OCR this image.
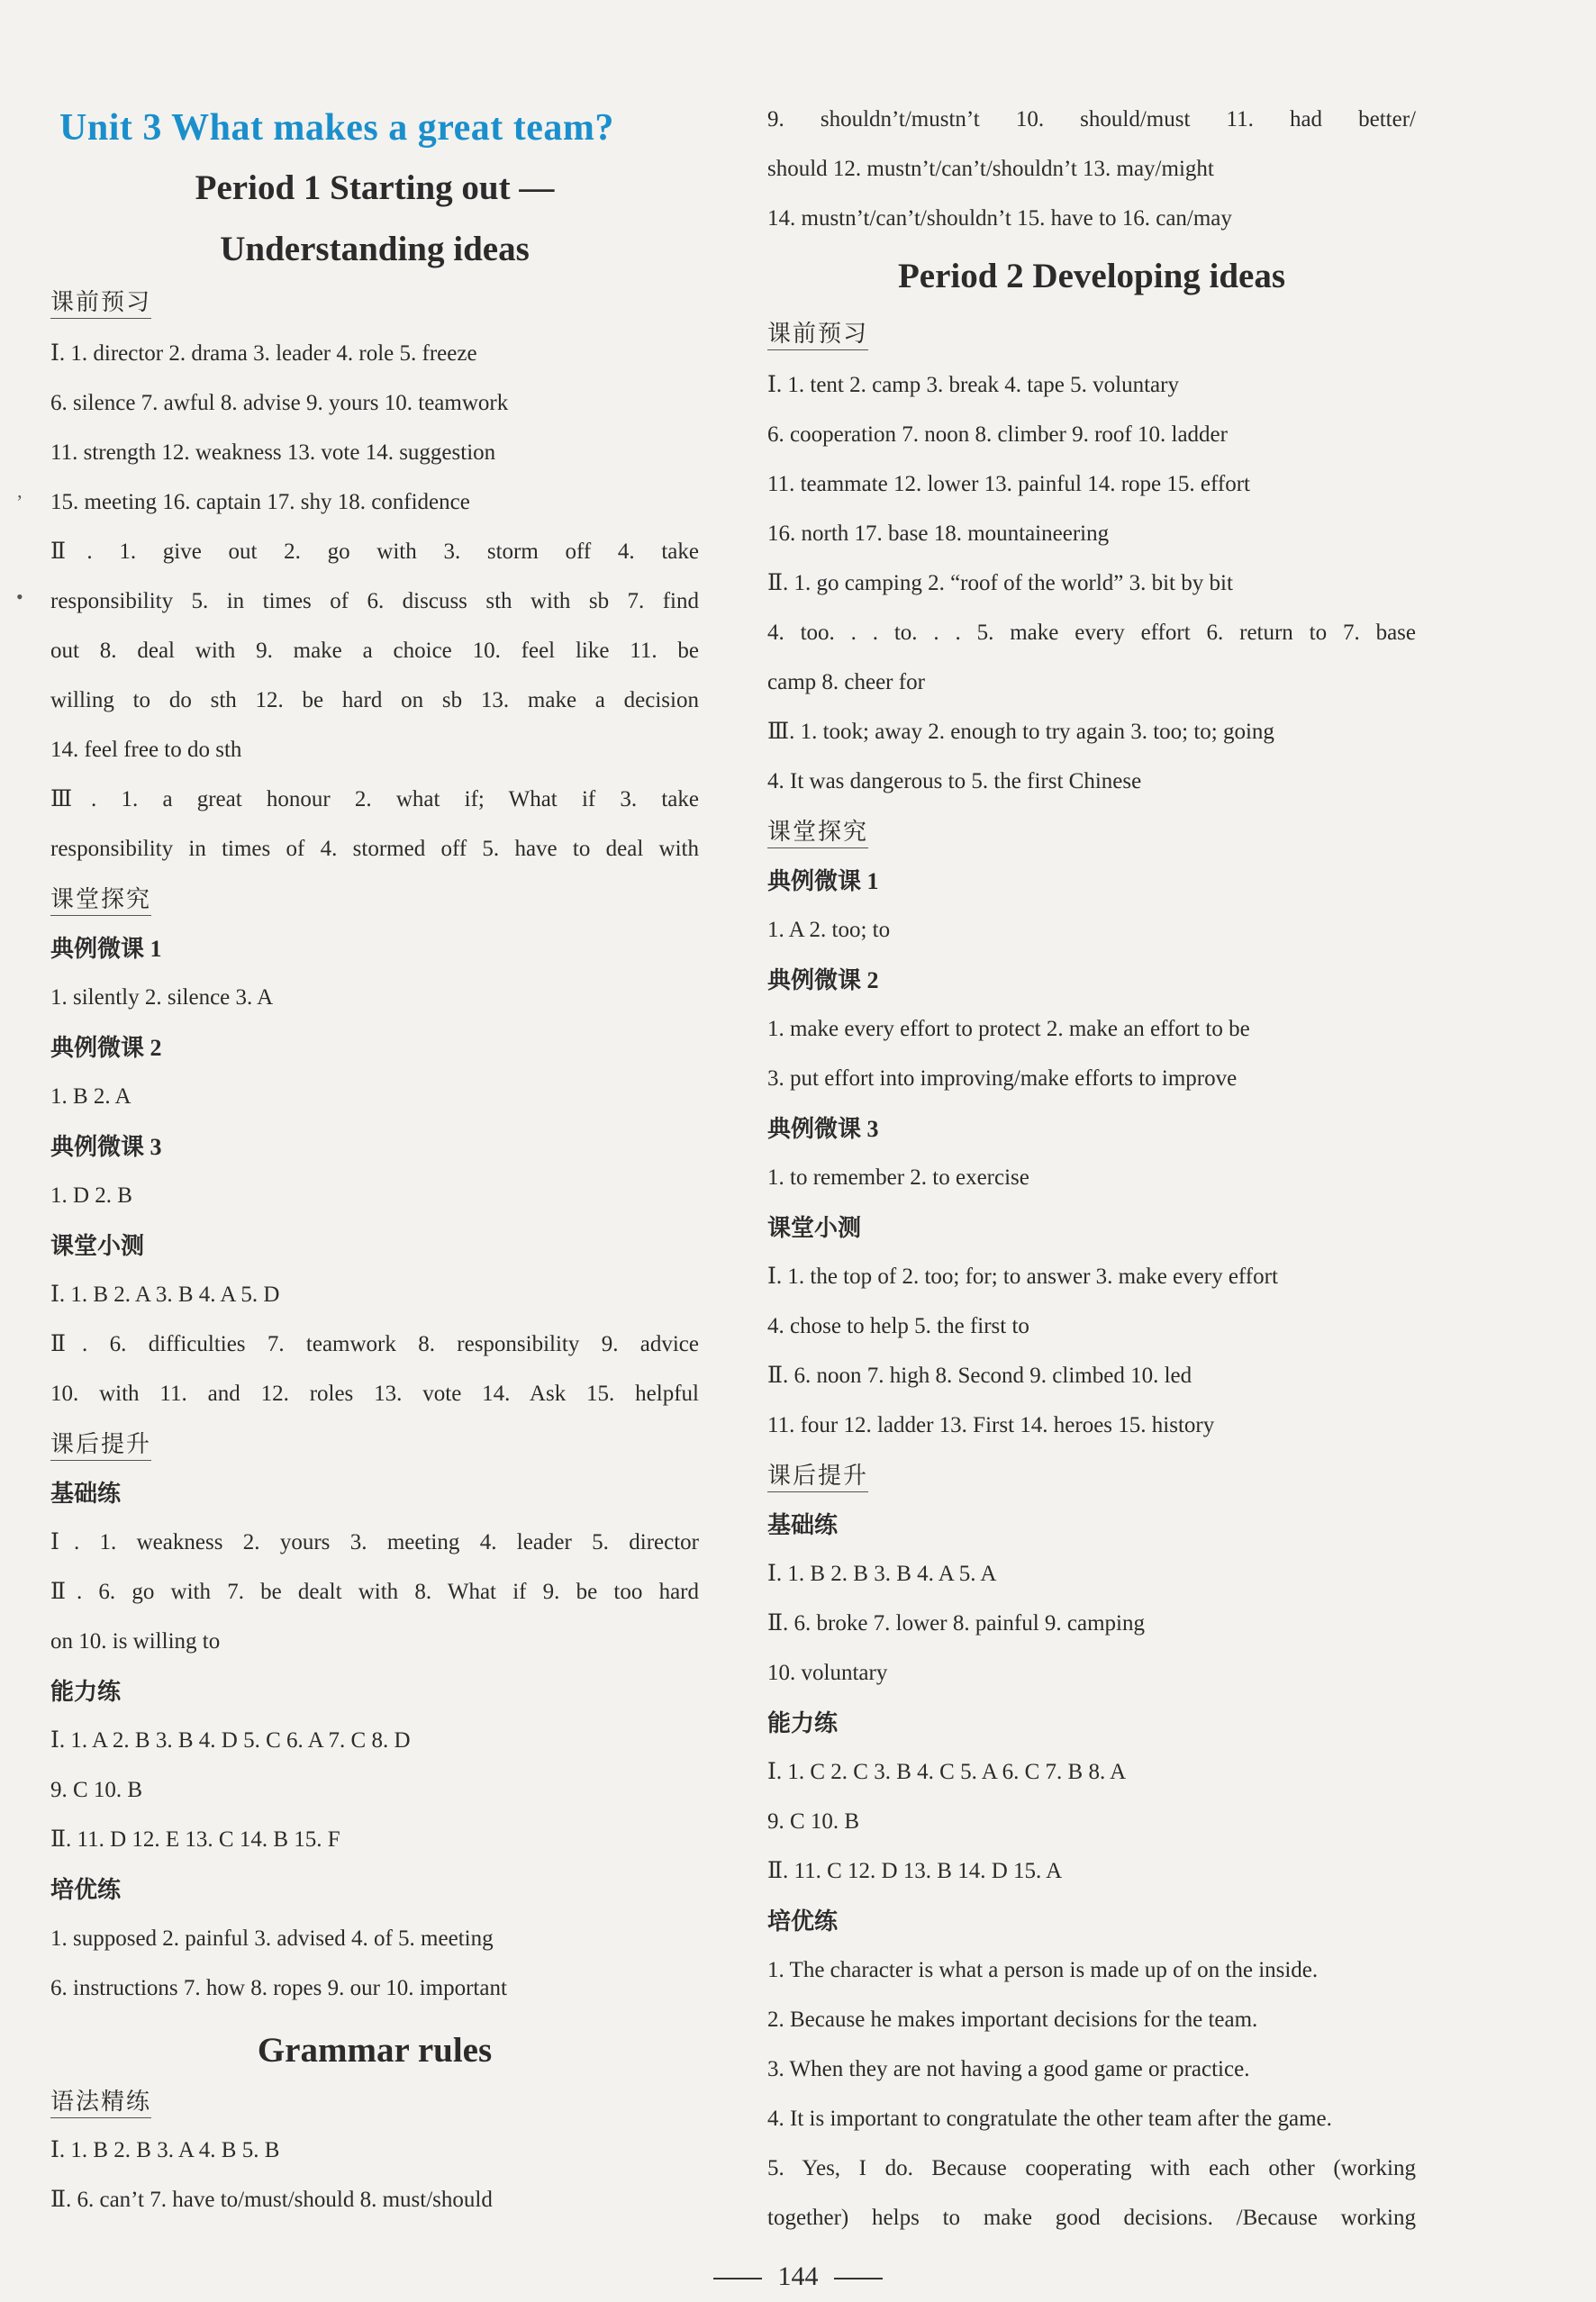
Unit 3 What makes a great team?
Period 1 Starting out —
Understanding ideas
课前预习
Ⅰ. 1. director 2. drama 3. leader 4. role 5. freeze
6. silence 7. awful 8. advise 9. yours 10. teamwork
11. strength 12. weakness 13. vote 14. suggestion
15. meeting 16. captain 17. shy 18. confidence
Ⅱ. 1. give out 2. go with 3. storm off 4. take
responsibility 5. in times of 6. discuss sth with sb 7. find
out 8. deal with 9. make a choice 10. feel like 11. be
willing to do sth 12. be hard on sb 13. make a decision
14. feel free to do sth
Ⅲ. 1. a great honour 2. what if; What if 3. take
responsibility in times of 4. stormed off 5. have to deal with
课堂探究
典例微课 1
1. silently 2. silence 3. A
典例微课 2
1. B 2. A
典例微课 3
1. D 2. B
课堂小测
Ⅰ. 1. B 2. A 3. B 4. A 5. D
Ⅱ. 6. difficulties 7. teamwork 8. responsibility 9. advice
10. with 11. and 12. roles 13. vote 14. Ask 15. helpful
课后提升
基础练
Ⅰ. 1. weakness 2. yours 3. meeting 4. leader 5. director
Ⅱ. 6. go with 7. be dealt with 8. What if 9. be too hard
on 10. is willing to
能力练
Ⅰ. 1. A 2. B 3. B 4. D 5. C 6. A 7. C 8. D
9. C 10. B
Ⅱ. 11. D 12. E 13. C 14. B 15. F
培优练
1. supposed 2. painful 3. advised 4. of 5. meeting
6. instructions 7. how 8. ropes 9. our 10. important
Grammar rules
语法精练
Ⅰ. 1. B 2. B 3. A 4. B 5. B
Ⅱ. 6. can’t 7. have to/must/should 8. must/should
9. shouldn’t/mustn’t 10. should/must 11. had better/
should 12. mustn’t/can’t/shouldn’t 13. may/might
14. mustn’t/can’t/shouldn’t 15. have to 16. can/may
Period 2 Developing ideas
课前预习
Ⅰ. 1. tent 2. camp 3. break 4. tape 5. voluntary
6. cooperation 7. noon 8. climber 9. roof 10. ladder
11. teammate 12. lower 13. painful 14. rope 15. effort
16. north 17. base 18. mountaineering
Ⅱ. 1. go camping 2. “roof of the world” 3. bit by bit
4. too. . . to. . . 5. make every effort 6. return to 7. base
camp 8. cheer for
Ⅲ. 1. took; away 2. enough to try again 3. too; to; going
4. It was dangerous to 5. the first Chinese
课堂探究
典例微课 1
1. A 2. too; to
典例微课 2
1. make every effort to protect 2. make an effort to be
3. put effort into improving/make efforts to improve
典例微课 3
1. to remember 2. to exercise
课堂小测
Ⅰ. 1. the top of 2. too; for; to answer 3. make every effort
4. chose to help 5. the first to
Ⅱ. 6. noon 7. high 8. Second 9. climbed 10. led
11. four 12. ladder 13. First 14. heroes 15. history
课后提升
基础练
Ⅰ. 1. B 2. B 3. B 4. A 5. A
Ⅱ. 6. broke 7. lower 8. painful 9. camping
10. voluntary
能力练
Ⅰ. 1. C 2. C 3. B 4. C 5. A 6. C 7. B 8. A
9. C 10. B
Ⅱ. 11. C 12. D 13. B 14. D 15. A
培优练
1. The character is what a person is made up of on the inside.
2. Because he makes important decisions for the team.
3. When they are not having a good game or practice.
4. It is important to congratulate the other team after the game.
5. Yes, I do. Because cooperating with each other (working
together) helps to make good decisions. /Because working
ʼ
•
144
